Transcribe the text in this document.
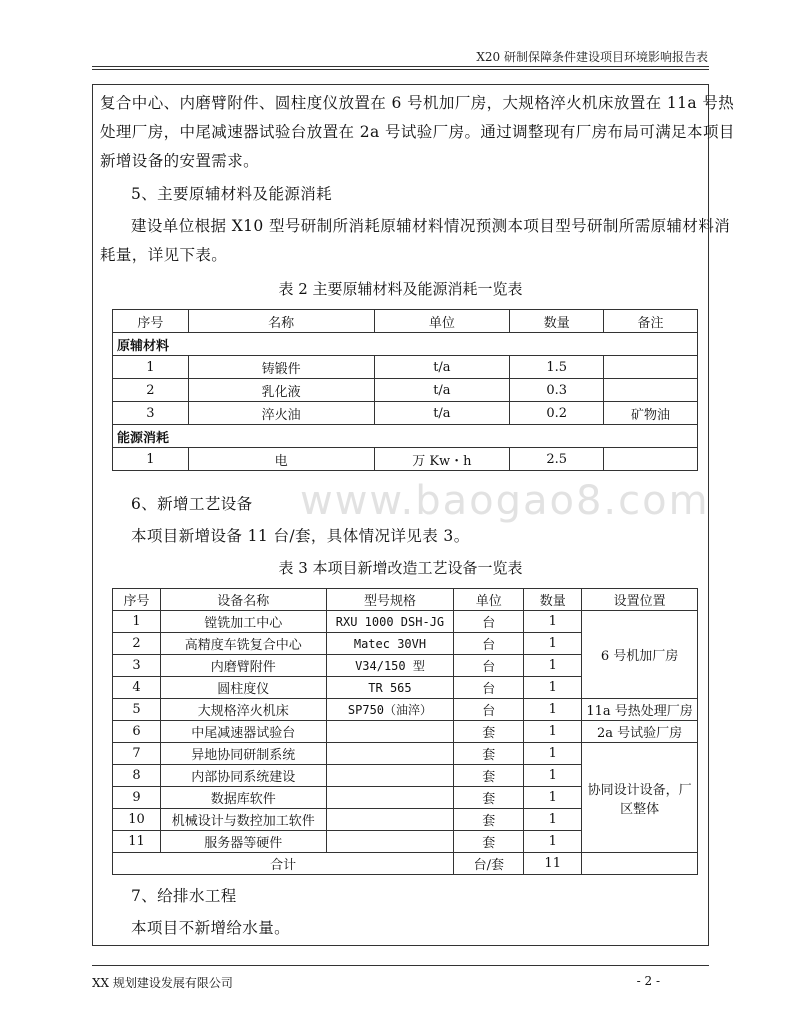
X20 研制保障条件建设项目环境影响报告表
复合中心、内磨臂附件、圆柱度仪放置在 6 号机加厂房，大规格淬火机床放置在 11a 号热
处理厂房，中尾减速器试验台放置在 2a 号试验厂房。通过调整现有厂房布局可满足本项目
新增设备的安置需求。
5、主要原辅材料及能源消耗
建设单位根据 X10 型号研制所消耗原辅材料情况预测本项目型号研制所需原辅材料消
耗量，详见下表。
表 2 主要原辅材料及能源消耗一览表
序号	名称	单位	数量	备注
原辅材料				
1	铸锻件	t/a	1.5	
2	乳化液	t/a	0.3	
3	淬火油	t/a	0.2	矿物油
能源消耗				
1	电	万 Kw・h	2.5	
www.baogao8.com
6、新增工艺设备
本项目新增设备 11 台/套，具体情况详见表 3。
表 3 本项目新增改造工艺设备一览表
序号	设备名称	型号规格	单位	数量	设置位置
1	镗铣加工中心	RXU 1000 DSH-JG	台	1	6 号机加厂房
2	高精度车铣复合中心	Matec 30VH	台	1	
3	内磨臂附件	V34/150 型	台	1	
4	圆柱度仪	TR 565	台	1	
5	大规格淬火机床	SP750（油淬）	台	1	11a 号热处理厂房
6	中尾减速器试验台		套	1	2a 号试验厂房
7	异地协同研制系统		套	1	协同设计设备，厂
区整体

8	内部协同系统建设		套	1	
9	数据库软件		套	1	
10	机械设计与数控加工软件		套	1	
11	服务器等硬件		套	1	
合计			台/套	11	
7、给排水工程
本项目不新增给水量。
XX 规划建设发展有限公司	- 2 -
